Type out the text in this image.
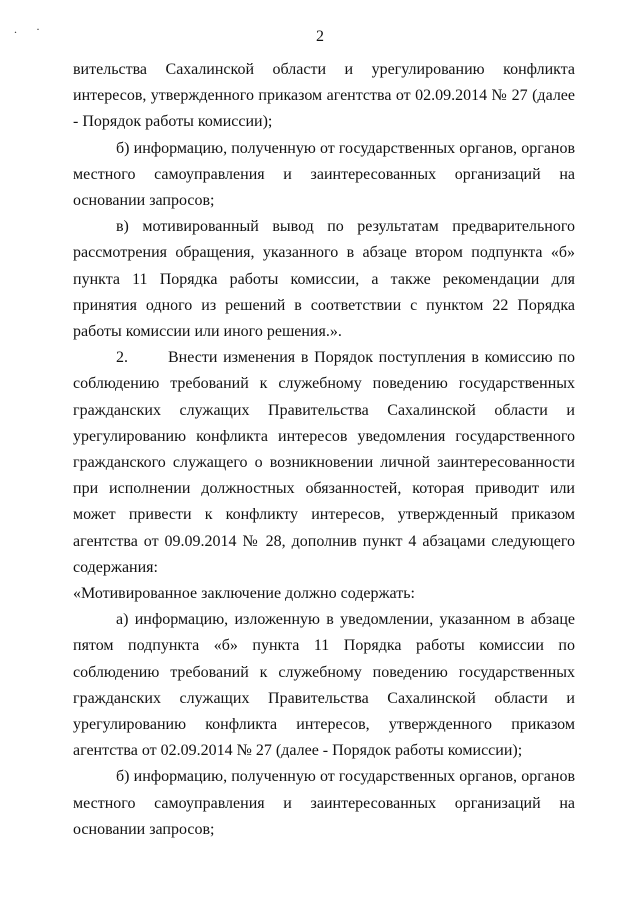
. ·	2

вительства Сахалинской области и урегулированию конфликта интересов, утвержденного приказом агентства от 02.09.2014 № 27 (далее - Порядок работы комиссии);

б) информацию, полученную от государственных органов, органов местного самоуправления и заинтересованных организаций на основании запросов;

в) мотивированный вывод по результатам предварительного рассмотрения обращения, указанного в абзаце втором подпункта «б» пункта 11 Порядка работы комиссии, а также рекомендации для принятия одного из решений в соответствии с пунктом 22 Порядка работы комиссии или иного решения.».

2.       Внести изменения в Порядок поступления в комиссию по соблюдению требований к служебному поведению государственных гражданских служащих Правительства Сахалинской области и урегулированию конфликта интересов уведомления государственного гражданского служащего о возникновении личной заинтересованности при исполнении должностных обязанностей, которая приводит или может привести к конфликту интересов, утвержденный приказом агентства от 09.09.2014 № 28, дополнив пункт 4 абзацами следующего содержания:

«Мотивированное заключение должно содержать:

а) информацию, изложенную в уведомлении, указанном в абзаце пятом подпункта «б» пункта 11 Порядка работы комиссии по соблюдению требований к служебному поведению государственных гражданских служащих Правительства Сахалинской области и урегулированию конфликта интересов, утвержденного приказом агентства от 02.09.2014 № 27 (далее - Порядок работы комиссии);

б) информацию, полученную от государственных органов, органов местного самоуправления и заинтересованных организаций на основании запросов;
